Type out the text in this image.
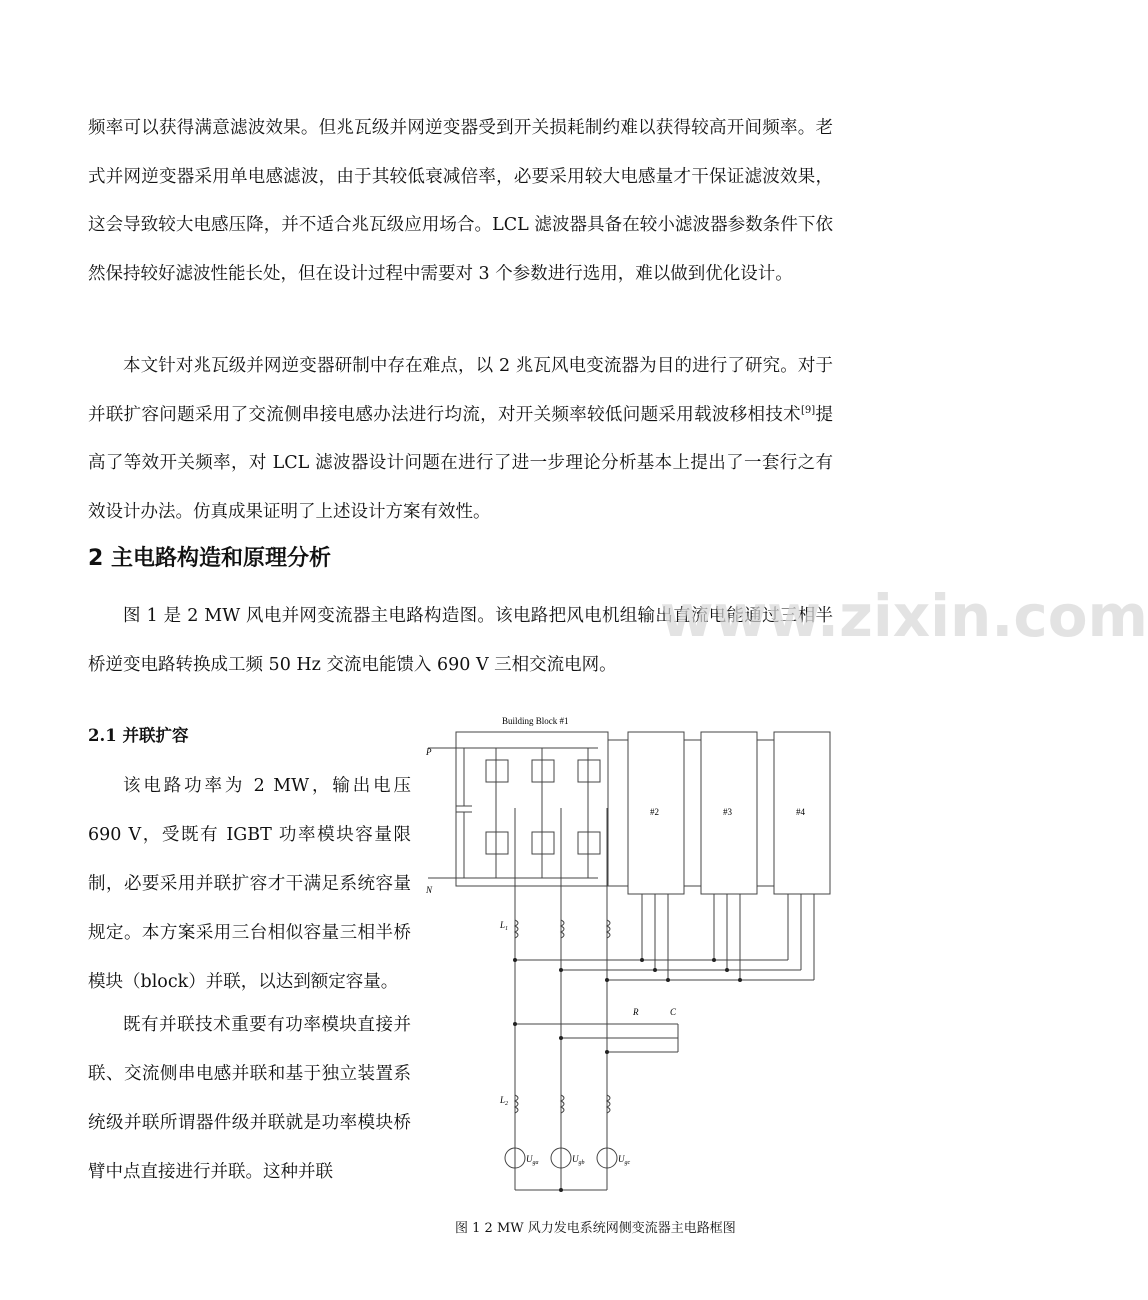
频率可以获得满意滤波效果。但兆瓦级并网逆变器受到开关损耗制约难以获得较高开间频率。老式并网逆变器采用单电感滤波，由于其较低衰减倍率，必要采用较大电感量才干保证滤波效果，这会导致较大电感压降，并不适合兆瓦级应用场合。LCL 滤波器具备在较小滤波器参数条件下依然保持较好滤波性能长处，但在设计过程中需要对 3 个参数进行选用，难以做到优化设计。

本文针对兆瓦级并网逆变器研制中存在难点，以 2 兆瓦风电变流器为目的进行了研究。对于并联扩容问题采用了交流侧串接电感办法进行均流，对开关频率较低问题采用载波移相技术[9]提高了等效开关频率，对 LCL 滤波器设计问题在进行了进一步理论分析基本上提出了一套行之有效设计办法。仿真成果证明了上述设计方案有效性。

2 主电路构造和原理分析

图 1 是 2 MW 风电并网变流器主电路构造图。该电路把风电机组输出直流电能通过三相半桥逆变电路转换成工频 50 Hz 交流电能馈入 690 V 三相交流电网。

www.zixin.com
2.1 并联扩容

该电路功率为 2 MW，输出电压 690 V，受既有 IGBT 功率模块容量限制，必要采用并联扩容才干满足系统容量规定。本方案采用三台相似容量三相半桥模块（block）并联，以达到额定容量。

既有并联技术重要有功率模块直接并联、交流侧串电感并联和基于独立装置系统级并联所谓器件级并联就是功率模块桥臂中点直接进行并联。这种并联

Building Block #1
P
N
#2	#3	#4
$L_1$
$L_2$
R	C
$U_{ga}$	$U_{gb}$	$U_{gc}$

图 1 2 MW 风力发电系统网侧变流器主电路框图
